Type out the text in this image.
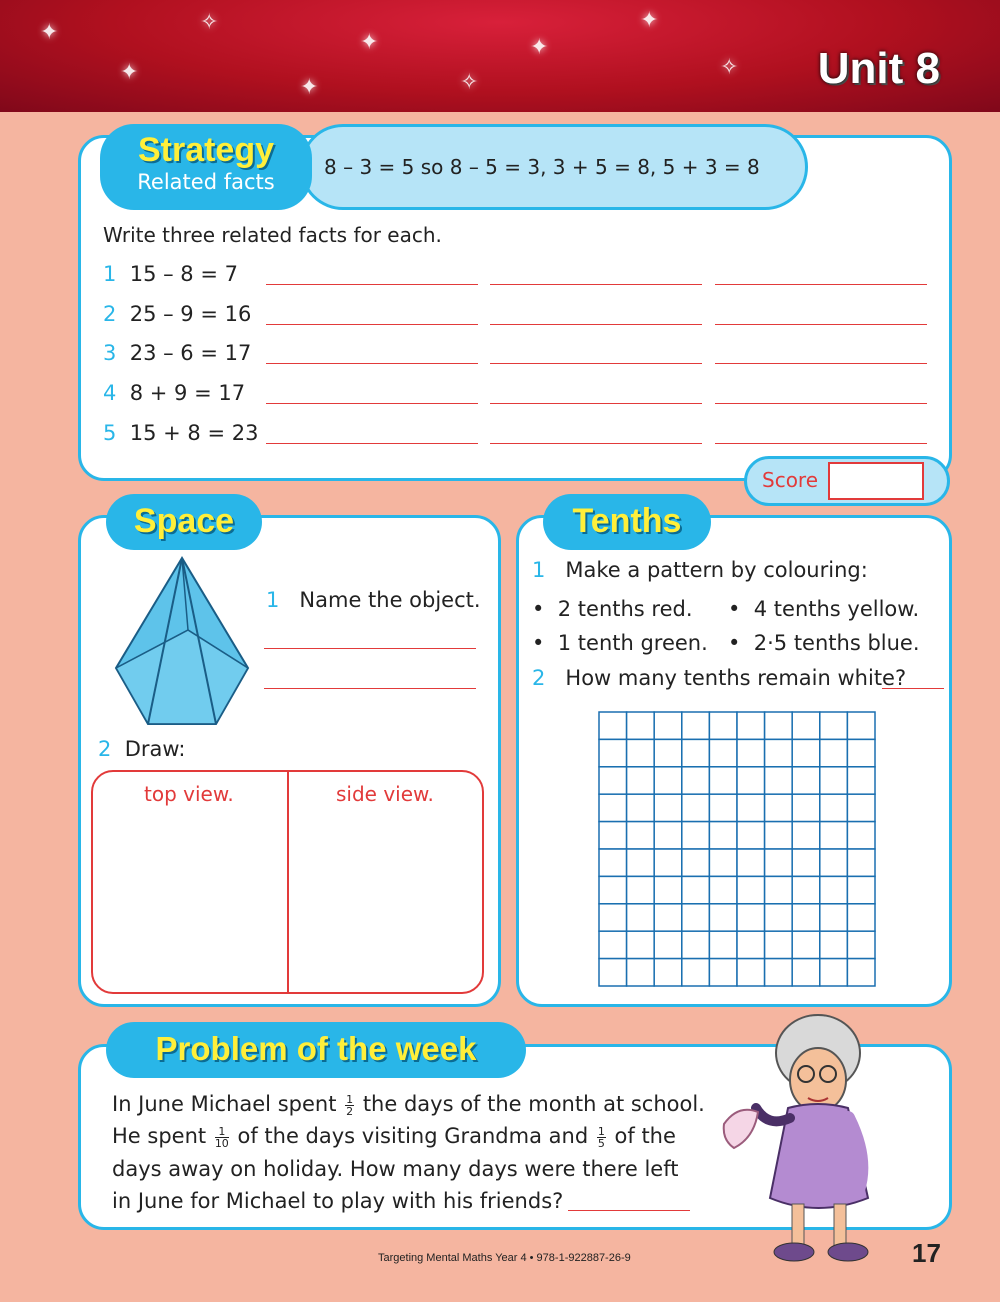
✦
✦
✧
✦
✧
✦
✦
✧
✦	Unit 8
Strategy
Related facts
8 – 3 = 5 so 8 – 5 = 3, 3 + 5 = 8, 5 + 3 = 8
Write three related facts for each.
1 15 – 8 = 7
2 25 – 9 = 16
3 23 – 6 = 17
4 8 + 9 = 17
5 15 + 8 = 23
Score
Space
1 Name the object.
2 Draw:
top view.	side view.
Tenths
1 Make a pattern by colouring:
•  2 tenths red. •  4 tenths yellow.
•  1 tenth green. •  2·5 tenths blue.
2 How many tenths remain white?
Problem of the week
In June Michael spent $\frac{1}{2}$ the days of the month at school.
He spent $\frac{1}{10}$ of the days visiting Grandma and $\frac{1}{5}$ of the
days away on holiday. How many days were there left
in June for Michael to play with his friends?
Targeting Mental Maths Year 4 • 978-1-922887-26-9	17
